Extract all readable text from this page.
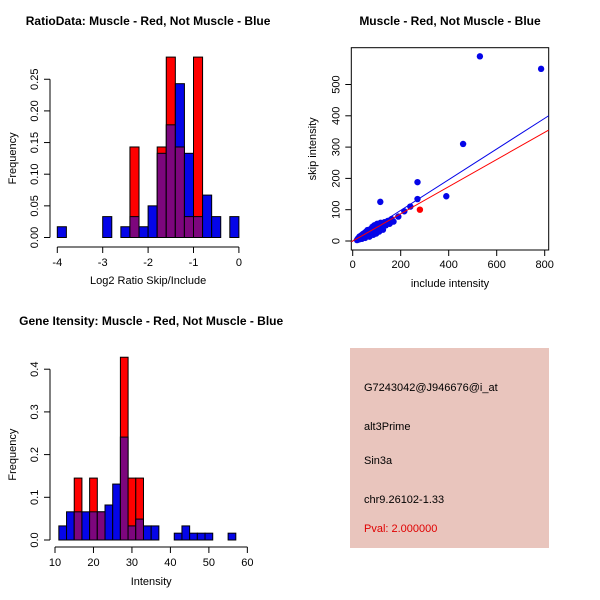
-4	-3	-2	-1	0
0.00
0.05
0.10
0.15
0.20
0.25
RatioData: Muscle - Red, Not Muscle - Blue
Log2 Ratio Skip/Include
Frequency
0	200	400	600	800
0
100
200
300
400
500
Muscle - Red, Not Muscle - Blue
include intensity
skip intensity
10 20 30 40 50 60
0.0
0.1
0.2
0.3
0.4
Gene Itensity: Muscle - Red, Not Muscle - Blue
Intensity
Frequency
G7243042@J946676@i_at
alt3Prime
Sin3a
chr9.26102-1.33
Pval: 2.000000
